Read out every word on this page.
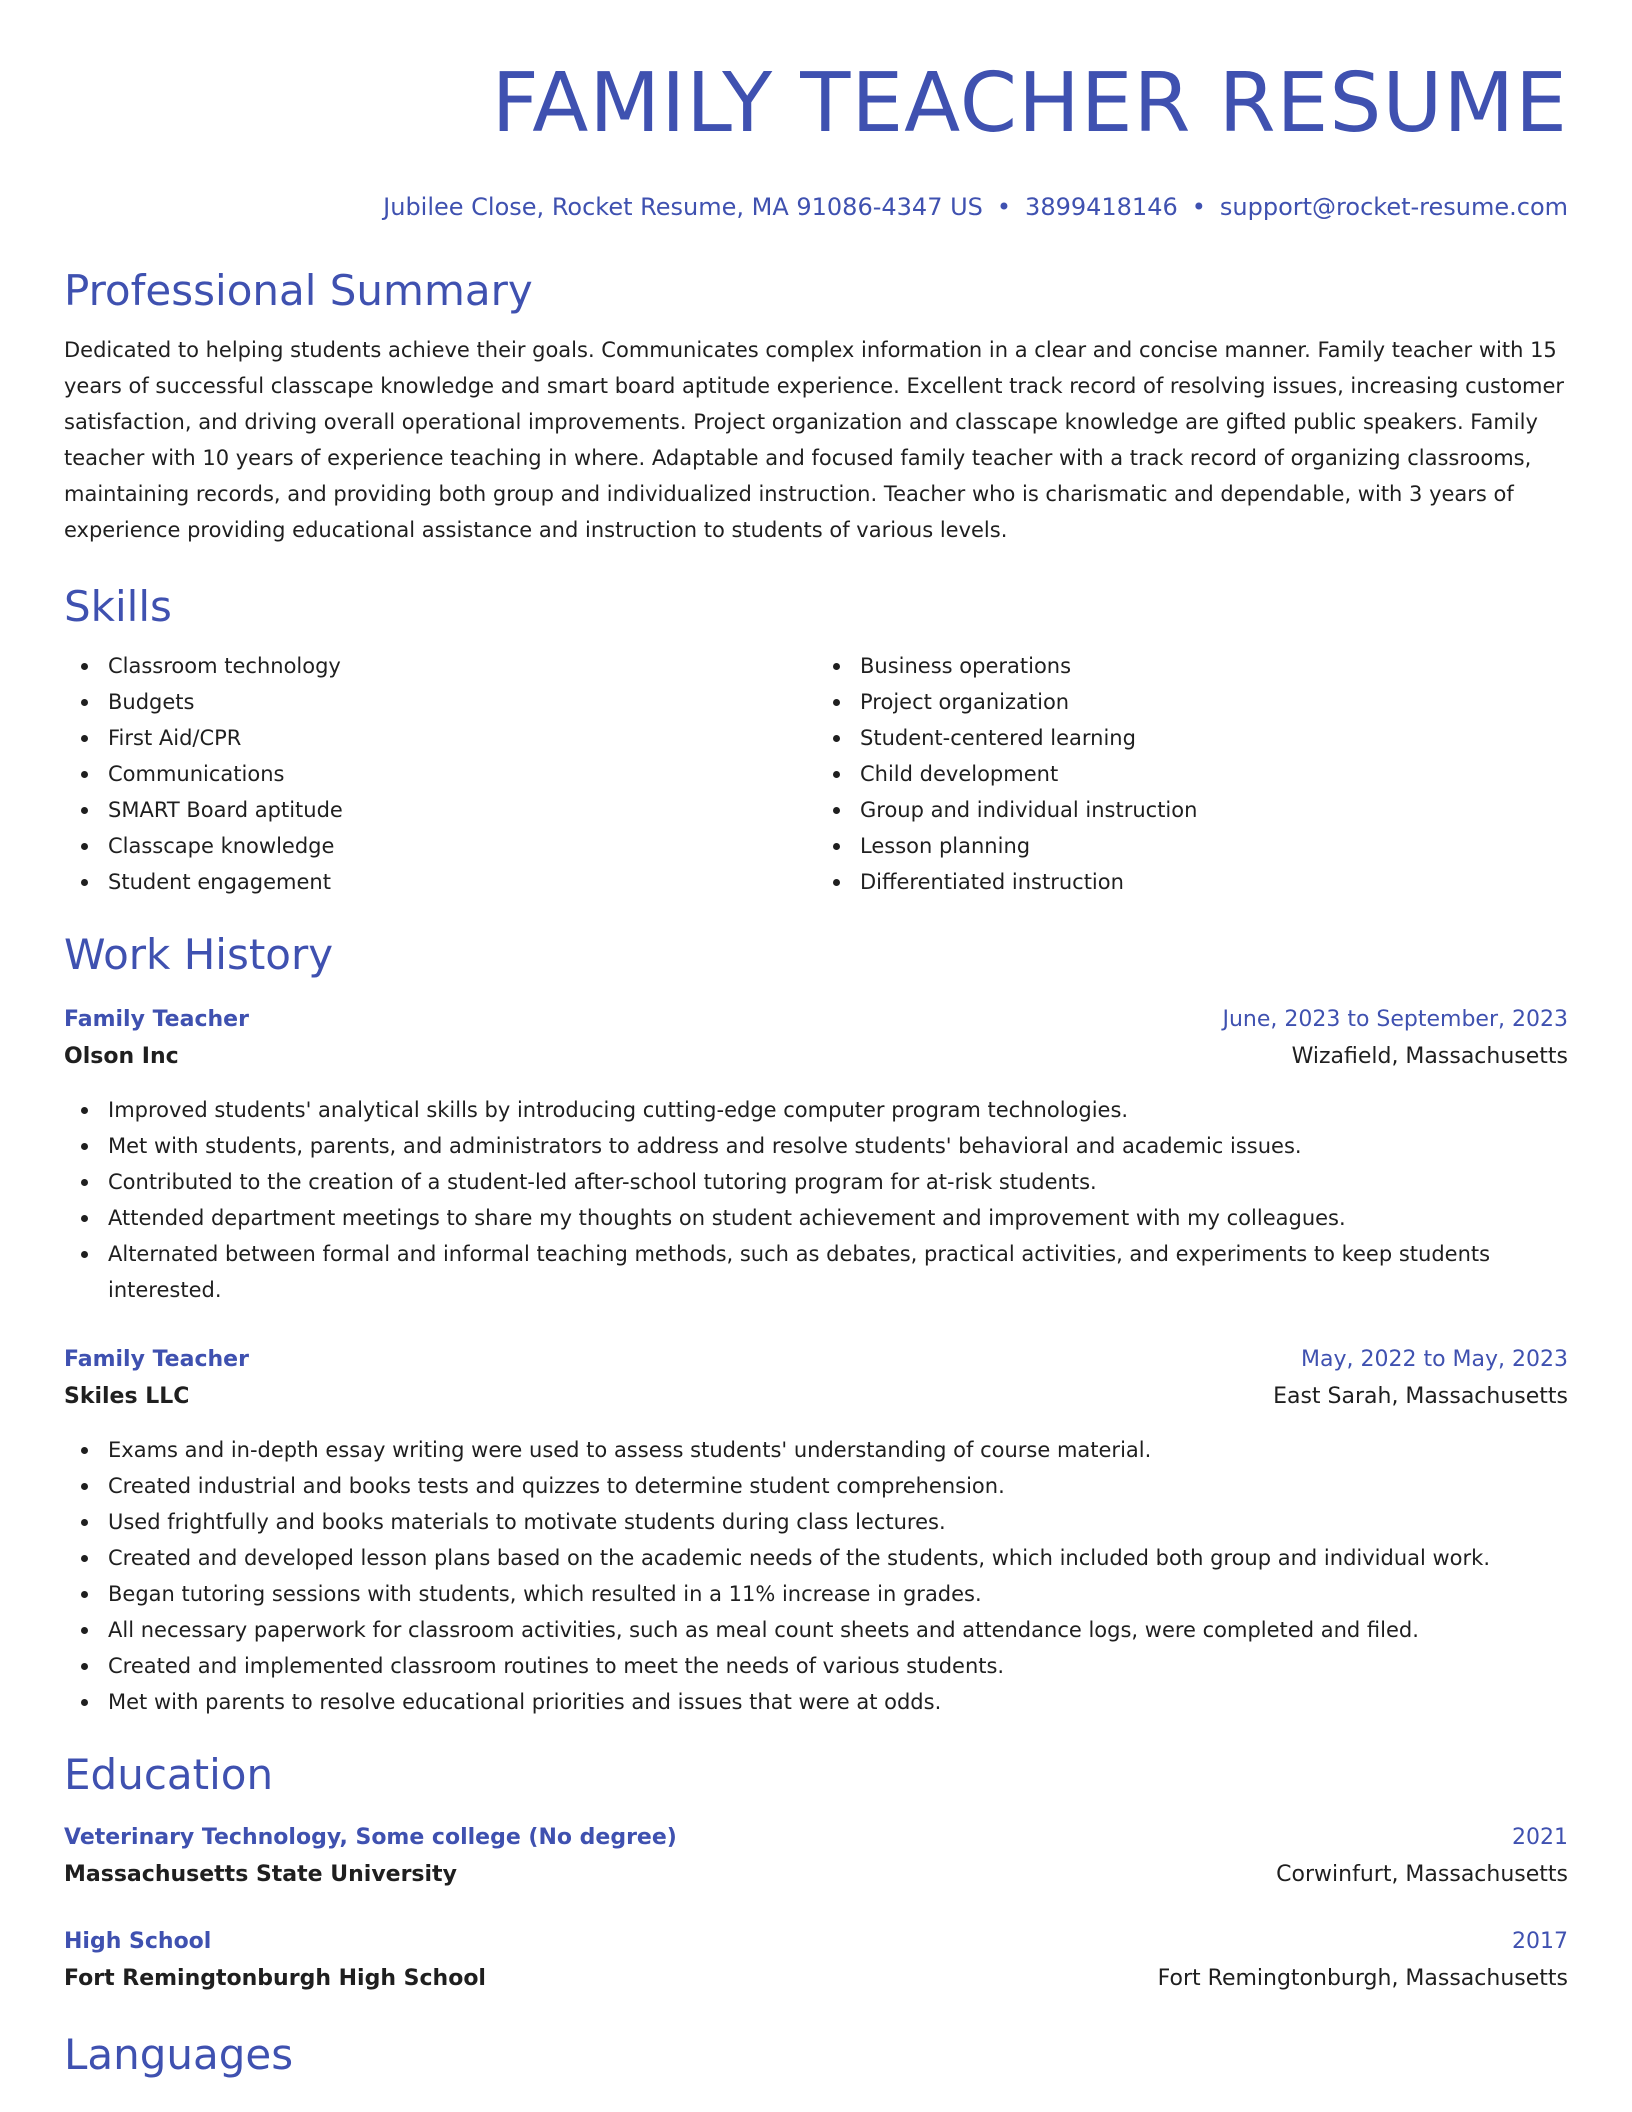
FAMILY TEACHER RESUME
Jubilee Close, Rocket Resume, MA 91086-4347 US • 3899418146 • support@rocket-resume.com
Professional Summary

Dedicated to helping students achieve their goals. Communicates complex information in a clear and concise manner. Family teacher with 15 years of successful classcape knowledge and smart board aptitude experience. Excellent track record of resolving issues, increasing customer satisfaction, and driving overall operational improvements. Project organization and classcape knowledge are gifted public speakers. Family teacher with 10 years of experience teaching in where. Adaptable and focused family teacher with a track record of organizing classrooms, maintaining records, and providing both group and individualized instruction. Teacher who is charismatic and dependable, with 3 years of experience providing educational assistance and instruction to students of various levels.

Skills
Classroom technology
Budgets
First Aid/CPR
Communications
SMART Board aptitude
Classcape knowledge
Student engagement
Business operations
Project organization
Student-centered learning
Child development
Group and individual instruction
Lesson planning
Differentiated instruction
Work History
Family Teacher	June, 2023 to September, 2023
Olson Inc	Wizafield, Massachusetts
Improved students' analytical skills by introducing cutting-edge computer program technologies.
Met with students, parents, and administrators to address and resolve students' behavioral and academic issues.
Contributed to the creation of a student-led after-school tutoring program for at-risk students.
Attended department meetings to share my thoughts on student achievement and improvement with my colleagues.
Alternated between formal and informal teaching methods, such as debates, practical activities, and experiments to keep students interested.
Family Teacher	May, 2022 to May, 2023
Skiles LLC	East Sarah, Massachusetts
Exams and in-depth essay writing were used to assess students' understanding of course material.
Created industrial and books tests and quizzes to determine student comprehension.
Used frightfully and books materials to motivate students during class lectures.
Created and developed lesson plans based on the academic needs of the students, which included both group and individual work.
Began tutoring sessions with students, which resulted in a 11% increase in grades.
All necessary paperwork for classroom activities, such as meal count sheets and attendance logs, were completed and filed.
Created and implemented classroom routines to meet the needs of various students.
Met with parents to resolve educational priorities and issues that were at odds.
Education
Veterinary Technology, Some college (No degree)	2021
Massachusetts State University	Corwinfurt, Massachusetts
High School	2017
Fort Remingtonburgh High School	Fort Remingtonburgh, Massachusetts
Languages
